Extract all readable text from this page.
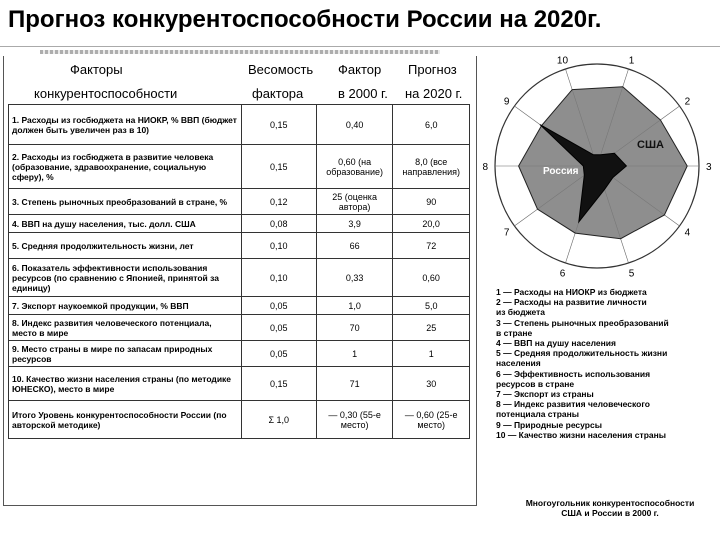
Прогноз конкурентоспособности России на 2020г.
Факторы
конкурентоспособности
Весомость
фактора
Фактор
в 2000 г.
Прогноз
на 2020 г.
1. Расходы из госбюджета на НИОКР, % ВВП (бюджет должен быть увеличен раз в 10)	0,15	0,40	6,0
2. Расходы из госбюджета в развитие человека (образование, здравоохранение, социальную сферу), %	0,15	0,60 (на образование)	8,0 (все направления)
3. Степень рыночных преобразований в стране, %	0,12	25 (оценка автора)	90
4. ВВП на душу населения, тыс. долл. США	0,08	3,9	20,0
5. Средняя продолжительность жизни, лет	0,10	66	72
6. Показатель эффективности использования ресурсов (по сравнению с Японией, принятой за единицу)	0,10	0,33	0,60
7. Экспорт наукоемкой продукции, % ВВП	0,05	1,0	5,0
8. Индекс развития человеческого потенциала, место в мире	0,05	70	25
9. Место страны в мире по запасам природных ресурсов	0,05	1	1
10. Качество жизни населения страны (по методике ЮНЕСКО), место в мире	0,15	71	30
Итого Уровень конкурентоспособности России (по авторской методике)	Σ 1,0	— 0,30 (55-е место)	— 0,60 (25-е место)
1
2
3
4
5
6
7
8
9
10
США
Россия
1 — Расходы на НИОКР из бюджета
2 — Расходы на развитие личности
из бюджета
3 — Степень рыночных преобразований
в стране
4 — ВВП на душу населения
5 — Средняя продолжительность жизни
населения
6 — Эффективность использования
ресурсов в стране
7 — Экспорт из страны
8 — Индекс развития человеческого
потенциала страны
9 — Природные ресурсы
10 — Качество жизни населения страны
Многоугольник конкурентоспособности
США и России в 2000 г.
